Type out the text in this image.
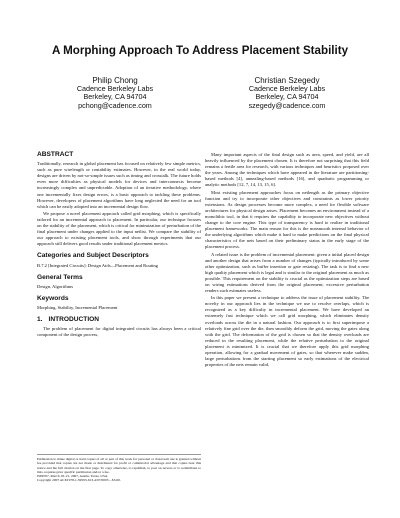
A Morphing Approach To Address Placement Stability
Philip Chong
Cadence Berkeley Labs
Berkeley, CA 94704
pchong@cadence.com
Christian Szegedy
Cadence Berkeley Labs
Berkeley, CA 94704
szegedy@cadence.com
ABSTRACT

Traditionally, research in global placement has focused on relatively few simple metrics, such as pure wirelength or routability estimates. However, in the real world today, designs are driven by not-so-simple issues such as timing and crosstalk. The future holds even more difficulties as physical models for devices and interconnects become increasingly complex and unpredictable. Adoption of an iterative methodology, where one incrementally fixes design errors, is a basic approach to tackling these problems. However, developers of placement algorithms have long neglected the need for an tool which can be easily adopted into an incremental design flow.

We propose a novel placement approach called grid morphing, which is specifically tailored for an incremental approach to placement. In particular, our technique focuses on the stability of the placement, which is critical for minimization of perturbation of the final placement under changes applied to the input netlist. We compare the stability of our approach to existing placement tools, and show through experiments that our approach still delivers good results under traditional placement metrics.

Categories and Subject Descriptors

B.7.2 [Integrated Circuits]: Design Aids—Placement and Routing

General Terms

Design, Algorithms

Keywords

Morphing, Stability, Incremental Placement

1. INTRODUCTION

The problem of placement for digital integrated circuits has always been a critical component of the design process,

Permission to make digital or hard copies of all or part of this work for personal or classroom use is granted without fee provided that copies are not made or distributed for profit or commercial advantage and that copies bear this notice and the full citation on the first page. To copy otherwise, to republish, to post on servers or to redistribute to lists, requires prior specific permission and/or a fee.
ISPD'07, March 18–21, 2007, Austin, Texas, USA.
Copyright 2007 ACM 978-1-59593-613-4/07/0003 ...$5.00.

Many important aspects of the final design such as area, speed, and yield, are all heavily influenced by the placement chosen. It is therefore not surprising that this field remains a fertile area for research, with various techniques and heuristics proposed over the years. Among the techniques which have appeared in the literature are partitioning-based methods [4], annealing-based methods [16], and quadratic programming or analytic methods [12, 7, 14, 13, 15, 6].

Most existing placement approaches focus on netlength as the primary objective function and try to incorporate other objectives and constraints as lower priority extensions. As design processes become more complex, a need for flexible software architectures for physical design arises. Placement becomes an environment instead of a monolithic tool, in that it requires the capability to incorporate new objectives without change to the core engine. This type of transparency is hard to realize in traditional placement frameworks. The main reason for this is the nonsmooth internal behavior of the underlying algorithms which make it hard to make predictions on the final physical characteristics of the nets based on their preliminary status in the early stage of the placement process.

A related issue is the problem of incremental placement: given a initial placed design and another design that arises from a number of changes (typically introduced by some other optimization, such as buffer insertion or gate resizing). The task is to find a new high quality placement which is legal and is similar to the original placement as much as possible. This requirement on the stability is crucial as the optimization steps are based on wiring estimations derived from the original placement; excessive perturbation renders such estimates useless.

In this paper we present a technique to address the issue of placement stability. The novelty in our approach lies in the technique we use to resolve overlaps, which is recognized as a key difficulty in incremental placement. We have developed an extremely fast technique which we call grid morphing, which eliminates density overloads across the die in a natural fashion. Our approach is to first superimpose a relatively fine grid over the die, then smoothly deform the grid, moving the gates along with the grid. The deformation of the grid is chosen so that the density overloads are reduced in the resulting placement, while the relative perturbation to the original placement is minimized. It is crucial that we therefore apply this grid morphing operation, allowing for a gradual movement of gates, so that wherever make sudden, large perturbations from the starting placement so early estimations of the electrical properties of the nets remain valid,
